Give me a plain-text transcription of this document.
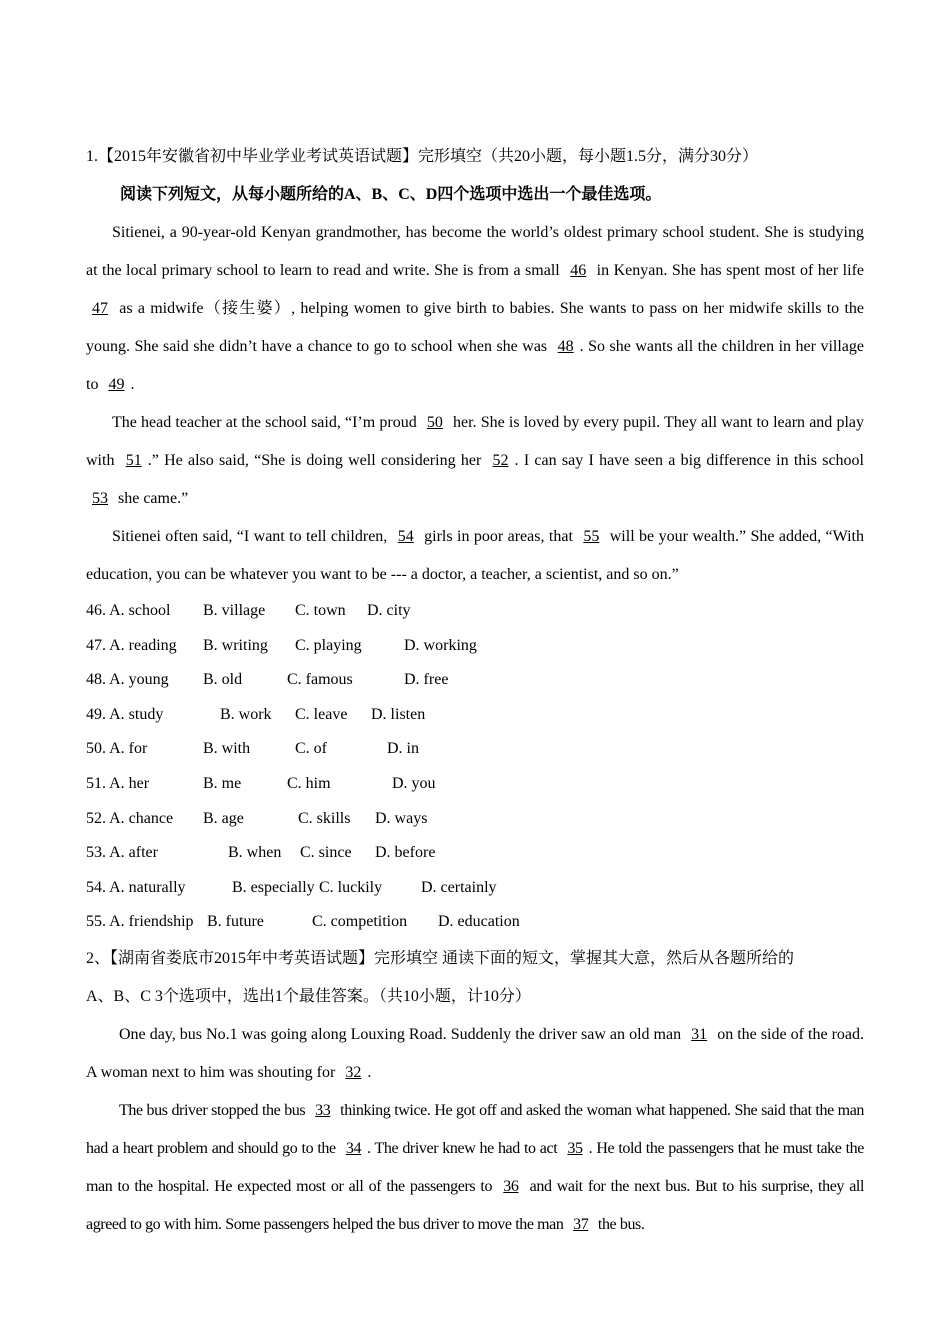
1.【2015年安徽省初中毕业学业考试英语试题】完形填空（共20小题，每小题1.5分，满分30分）
阅读下列短文，从每小题所给的A、B、C、D四个选项中选出一个最佳选项。

Sitienei, a 90-year-old Kenyan grandmother, has become the world’s oldest primary school student. She is studying at the local primary school to learn to read and write. She is from a small 46 in Kenyan. She has spent most of her life 47 as a midwife（接生婆）, helping women to give birth to babies. She wants to pass on her midwife skills to the young. She said she didn’t have a chance to go to school when she was 48 . So she wants all the children in her village to 49 .

The head teacher at the school said, “I’m proud 50 her. She is loved by every pupil. They all want to learn and play with 51 .” He also said, “She is doing well considering her 52 . I can say I have seen a big difference in this school 53 she came.”

Sitienei often said, “I want to tell children, 54 girls in poor areas, that 55 will be your wealth.” She added, “With education, you can be whatever you want to be --- a doctor, a teacher, a scientist, and so on.”

46. A. school B. village C. town D. city
47. A. reading B. writing C. playing	D. working
48. A. young B. old	C. famous	D. free
49. A. study	B. work C. leave D. listen
50. A. for	B. with	C. of	D. in
51. A. her	B. me	C. him	D. you
52. A. chance B. age	C. skills D. ways
53. A. after	B. when C. since D. before
54. A. naturally	B. especially C. luckily D. certainly
55. A. friendship B. future	C. competition D. education
2、【湖南省娄底市2015年中考英语试题】完形填空 通读下面的短文，掌握其大意，然后从各题所给的
A、B、C 3个选项中，选出1个最佳答案。（共10小题，计10分）

One day, bus No.1 was going along Louxing Road. Suddenly the driver saw an old man 31 on the side of the road. A woman next to him was shouting for 32 .

The bus driver stopped the bus 33 thinking twice. He got off and asked the woman what happened. She said that the man had a heart problem and should go to the 34 . The driver knew he had to act 35 . He told the passengers that he must take the man to the hospital. He expected most or all of the passengers to 36 and wait for the next bus. But to his surprise, they all agreed to go with him. Some passengers helped the bus driver to move the man 37 the bus.
